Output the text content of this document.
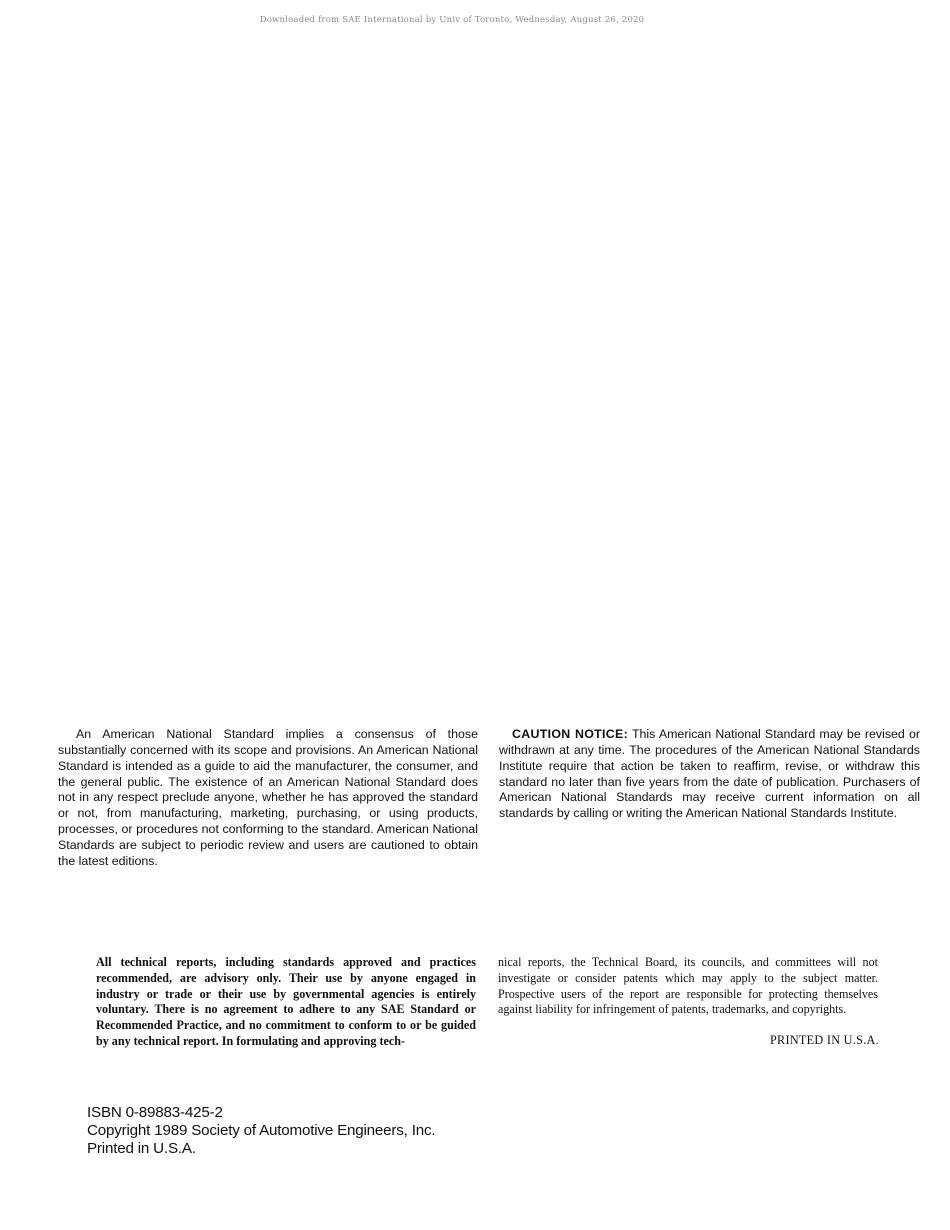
Downloaded from SAE International by Univ of Toronto, Wednesday, August 26, 2020
An American National Standard implies a consensus of those substantially concerned with its scope and provisions. An American National Standard is intended as a guide to aid the manufacturer, the consumer, and the general public. The existence of an American National Standard does not in any respect preclude anyone, whether he has approved the standard or not, from manufacturing, marketing, purchasing, or using products, processes, or procedures not conforming to the standard. American National Standards are subject to periodic review and users are cautioned to obtain the latest editions.
CAUTION NOTICE: This American National Standard may be revised or withdrawn at any time. The procedures of the American National Standards Institute require that action be taken to reaffirm, revise, or withdraw this standard no later than five years from the date of publication. Purchasers of American National Standards may receive current information on all standards by calling or writing the American National Standards Institute.
All technical reports, including standards approved and practices recommended, are advisory only. Their use by anyone engaged in industry or trade or their use by governmental agencies is entirely voluntary. There is no agreement to adhere to any SAE Standard or Recommended Practice, and no commitment to conform to or be guided by any technical report. In formulating and approving tech-
nical reports, the Technical Board, its councils, and committees will not investigate or consider patents which may apply to the subject matter. Prospective users of the report are responsible for protecting themselves against liability for infringement of patents, trademarks, and copyrights.
PRINTED IN U.S.A.
ISBN 0-89883-425-2
Copyright 1989 Society of Automotive Engineers, Inc.
Printed in U.S.A.
